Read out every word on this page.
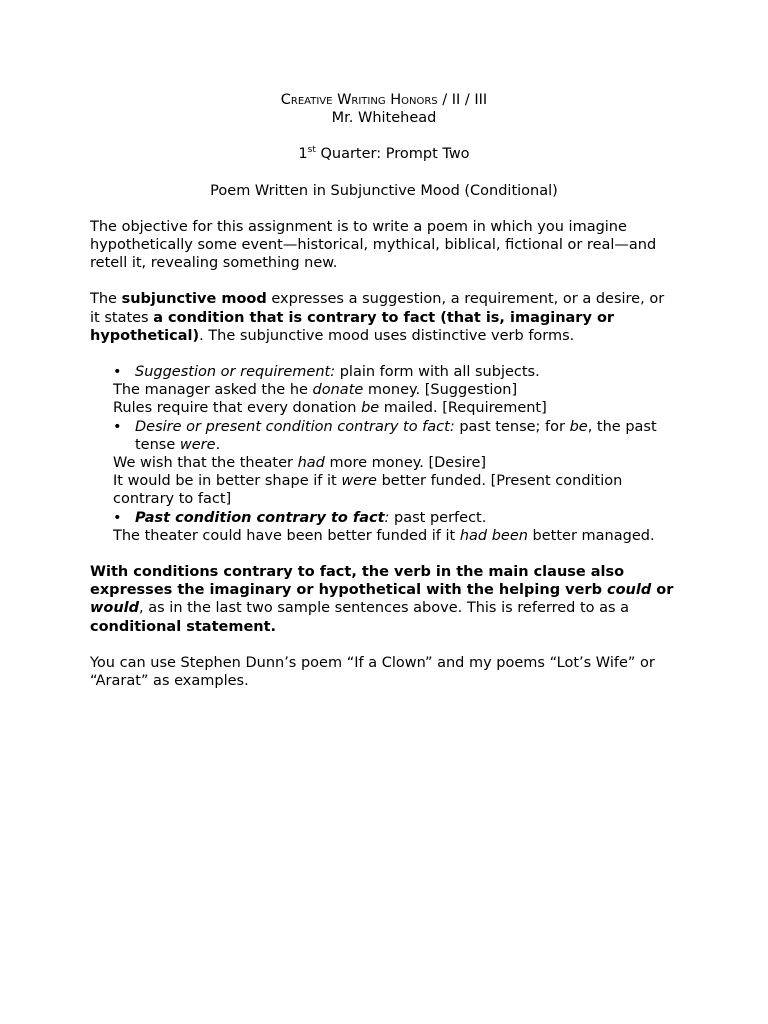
Creative Writing Honors / II / III
Mr. Whitehead
1st Quarter: Prompt Two
Poem Written in Subjunctive Mood (Conditional)

The objective for this assignment is to write a poem in which you imagine hypothetically some event—historical, mythical, biblical, fictional or real—and retell it, revealing something new.

The subjunctive mood expresses a suggestion, a requirement, or a desire, or it states a condition that is contrary to fact (that is, imaginary or hypothetical). The subjunctive mood uses distinctive verb forms.

• Suggestion or requirement: plain form with all subjects.
The manager asked the he donate money. [Suggestion]
Rules require that every donation be mailed. [Requirement]
• Desire or present condition contrary to fact: past tense; for be, the past tense were.
We wish that the theater had more money. [Desire]
It would be in better shape if it were better funded. [Present condition contrary to fact]
• Past condition contrary to fact: past perfect.
The theater could have been better funded if it had been better managed.

With conditions contrary to fact, the verb in the main clause also expresses the imaginary or hypothetical with the helping verb could or would, as in the last two sample sentences above. This is referred to as a conditional statement.

You can use Stephen Dunn’s poem “If a Clown” and my poems “Lot’s Wife” or “Ararat” as examples.
